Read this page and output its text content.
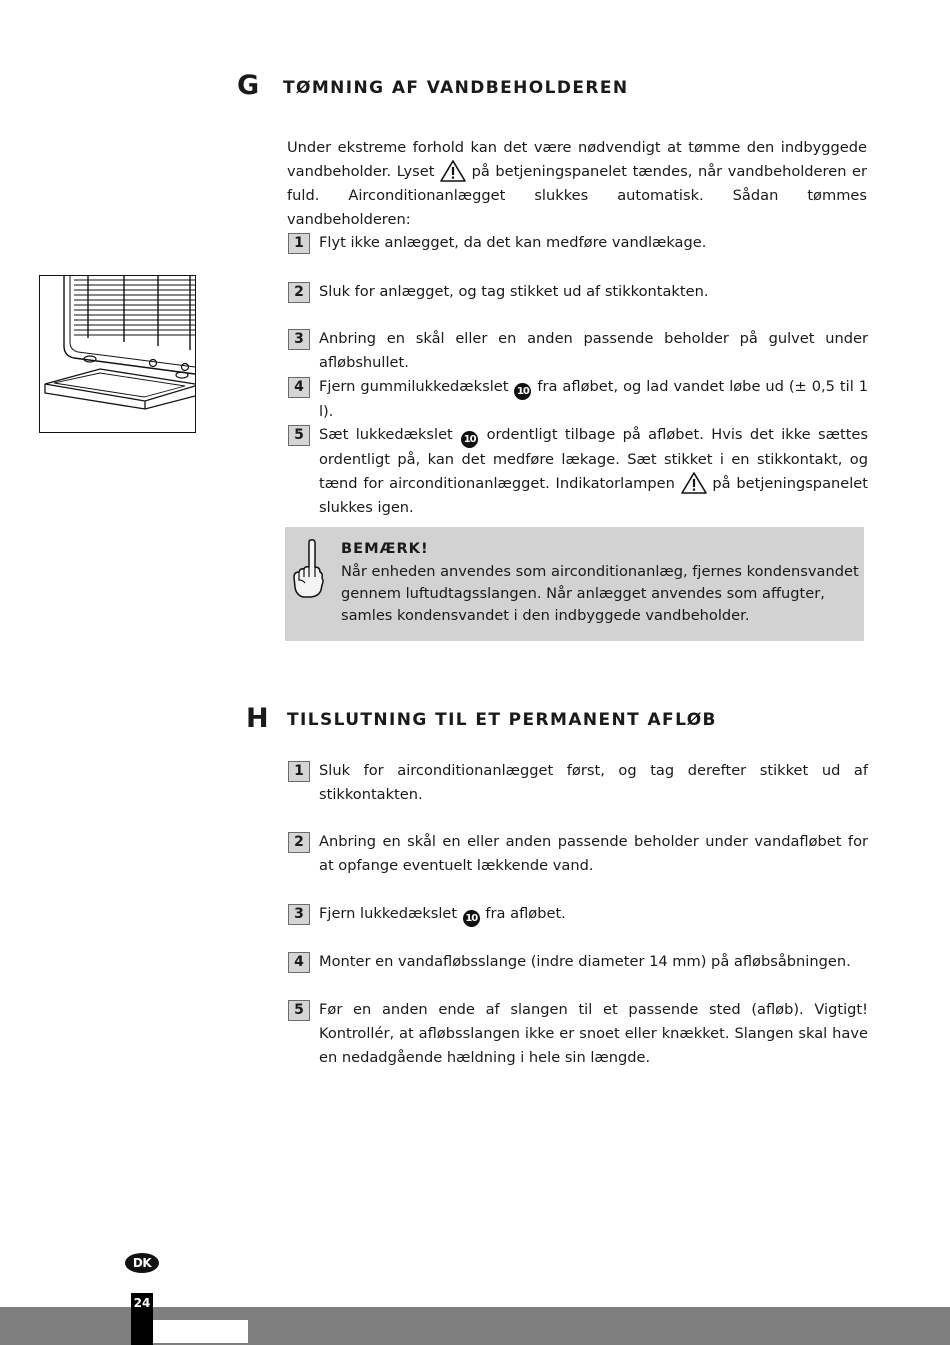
G TØMNING AF VANDBEHOLDEREN
Under ekstreme forhold kan det være nødvendigt at tømme den indbyggede vandbeholder. Lyset	på betjeningspanelet tændes, når vandbeholderen er fuld. Airconditionanlægget slukkes automatisk. Sådan tømmes vandbeholderen:
1	Flyt ikke anlægget, da det kan medføre vandlækage.
2	Sluk for anlægget, og tag stikket ud af stikkontakten.
3	Anbring en skål eller en anden passende beholder på gulvet under afløbshullet.
4	Fjern gummilukkedækslet 10 fra afløbet, og lad vandet løbe ud (± 0,5 til 1 l).
5	Sæt lukkedækslet 10 ordentligt tilbage på afløbet. Hvis det ikke sættes ordentligt på, kan det medføre lækage. Sæt stikket i en stikkontakt, og tænd for airconditionanlægget. Indikatorlampen	på betjeningspanelet slukkes igen.
BEMÆRK!
Når enheden anvendes som airconditionanlæg, fjernes kondensvandet
gennem luftudtagsslangen. Når anlægget anvendes som affugter,
samles kondensvandet i den indbyggede vandbeholder.
H TILSLUTNING TIL ET PERMANENT AFLØB
1	Sluk for airconditionanlægget først, og tag derefter stikket ud af stikkontakten.
2	Anbring en skål en eller anden passende beholder under vandafløbet for at opfange eventuelt lækkende vand.
3	Fjern lukkedækslet 10 fra afløbet.
4	Monter en vandafløbsslange (indre diameter 14 mm) på afløbsåbningen.
5	Før en anden ende af slangen til et passende sted (afløb). Vigtigt! Kontrollér, at afløbsslangen ikke er snoet eller knækket. Slangen skal have en nedadgående hældning i hele sin længde.
DK
24
